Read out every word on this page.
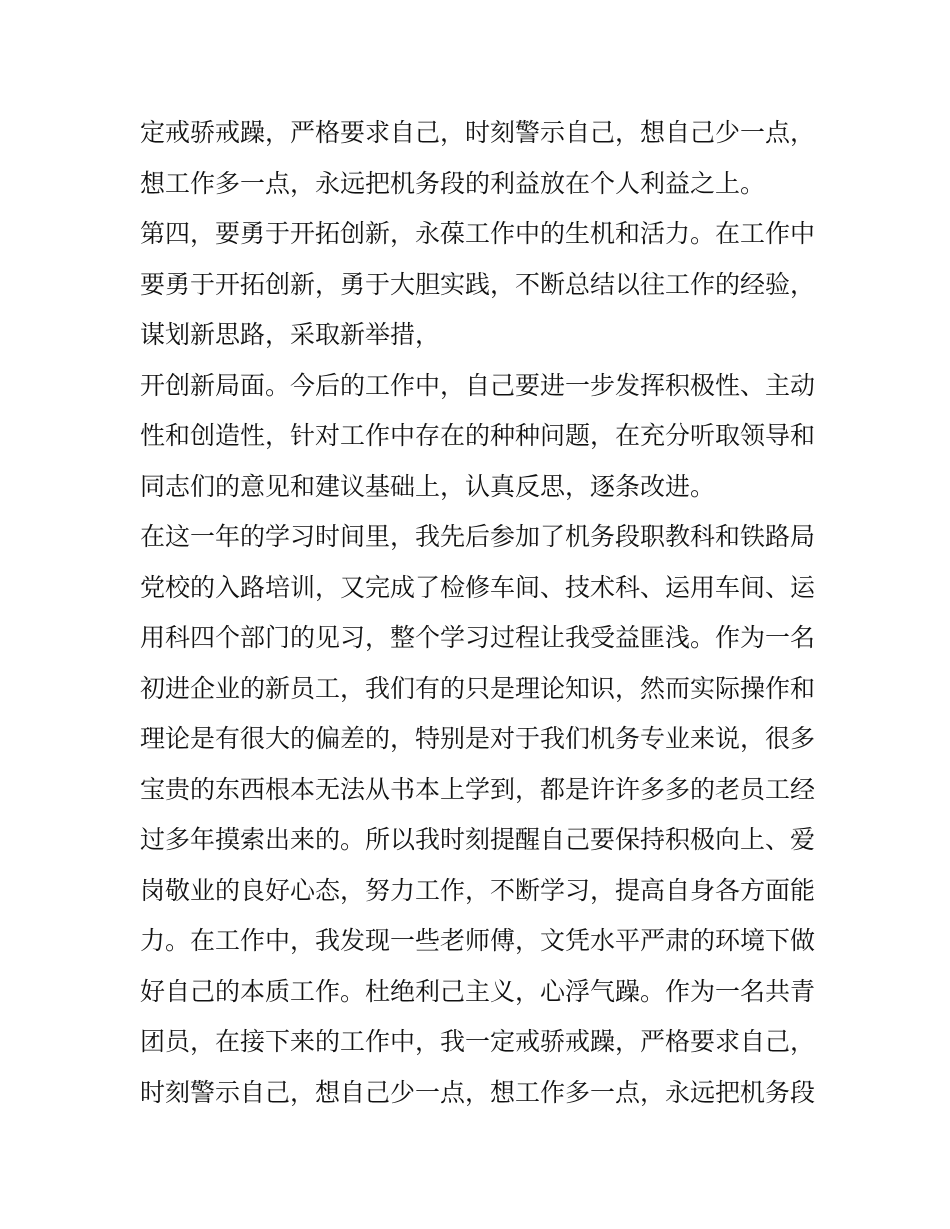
定戒骄戒躁，严格要求自己，时刻警示自己，想自己少一点，
想工作多一点，永远把机务段的利益放在个人利益之上。
第四，要勇于开拓创新，永葆工作中的生机和活力。在工作中
要勇于开拓创新，勇于大胆实践，不断总结以往工作的经验，
谋划新思路，采取新举措，
开创新局面。今后的工作中，自己要进一步发挥积极性、主动
性和创造性，针对工作中存在的种种问题，在充分听取领导和
同志们的意见和建议基础上，认真反思，逐条改进。
在这一年的学习时间里，我先后参加了机务段职教科和铁路局
党校的入路培训，又完成了检修车间、技术科、运用车间、运
用科四个部门的见习，整个学习过程让我受益匪浅。作为一名
初进企业的新员工，我们有的只是理论知识，然而实际操作和
理论是有很大的偏差的，特别是对于我们机务专业来说，很多
宝贵的东西根本无法从书本上学到，都是许许多多的老员工经
过多年摸索出来的。所以我时刻提醒自己要保持积极向上、爱
岗敬业的良好心态，努力工作，不断学习，提高自身各方面能
力。在工作中，我发现一些老师傅，文凭水平严肃的环境下做
好自己的本质工作。杜绝利己主义，心浮气躁。作为一名共青
团员，在接下来的工作中，我一定戒骄戒躁，严格要求自己，
时刻警示自己，想自己少一点，想工作多一点，永远把机务段
